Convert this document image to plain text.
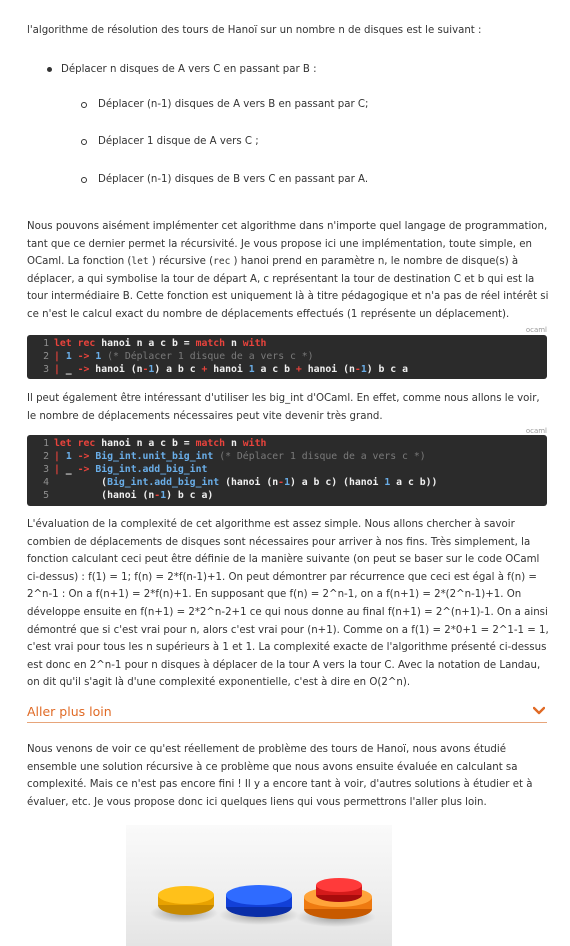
l'algorithme de résolution des tours de Hanoï sur un nombre n de disques est le suivant :

Déplacer n disques de A vers C en passant par B :
Déplacer (n-1) disques de A vers B en passant par C;
Déplacer 1 disque de A vers C ;
Déplacer (n-1) disques de B vers C en passant par A.

Nous pouvons aisément implémenter cet algorithme dans n'importe quel langage de programmation, tant que ce dernier permet la récursivité. Je vous propose ici une implémentation, toute simple, en OCaml. La fonction (let ) récursive (rec ) hanoi prend en paramètre n, le nombre de disque(s) à déplacer, a qui symbolise la tour de départ A, c représentant la tour de destination C et b qui est la tour intermédiaire B. Cette fonction est uniquement là à titre pédagogique et n'a pas de réel intérêt si ce n'est le calcul exact du nombre de déplacements effectués (1 représente un déplacement).

ocaml
1 let rec hanoi n a c b = match n with
2 | 1 -> 1 (* Déplacer 1 disque de a vers c *)
3 | _ -> hanoi (n-1) a b c + hanoi 1 a c b + hanoi (n-1) b c a

Il peut également être intéressant d'utiliser les big_int d'OCaml. En effet, comme nous allons le voir, le nombre de déplacements nécessaires peut vite devenir très grand.

ocaml
1 let rec hanoi n a c b = match n with
2 | 1 -> Big_int.unit_big_int (* Déplacer 1 disque de a vers c *)
3 | _ -> Big_int.add_big_int
4 (Big_int.add_big_int (hanoi (n-1) a b c) (hanoi 1 a c b))
5 (hanoi (n-1) b c a)

L'évaluation de la complexité de cet algorithme est assez simple. Nous allons chercher à savoir combien de déplacements de disques sont nécessaires pour arriver à nos fins. Très simplement, la fonction calculant ceci peut être définie de la manière suivante (on peut se baser sur le code OCaml ci-dessus) : f(1) = 1; f(n) = 2*f(n-1)+1. On peut démontrer par récurrence que ceci est égal à f(n) = 2^n-1 : On a f(n+1) = 2*f(n)+1. En supposant que f(n) = 2^n-1, on a f(n+1) = 2*(2^n-1)+1. On développe ensuite en f(n+1) = 2*2^n-2+1 ce qui nous donne au final f(n+1) = 2^(n+1)-1. On a ainsi démontré que si c'est vrai pour n, alors c'est vrai pour (n+1). Comme on a f(1) = 2*0+1 = 2^1-1 = 1, c'est vrai pour tous les n supérieurs à 1 et 1. La complexité exacte de l'algorithme présenté ci-dessus est donc en 2^n-1 pour n disques à déplacer de la tour A vers la tour C. Avec la notation de Landau, on dit qu'il s'agit là d'une complexité exponentielle, c'est à dire en O(2^n).

Aller plus loin

Nous venons de voir ce qu'est réellement de problème des tours de Hanoï, nous avons étudié ensemble une solution récursive à ce problème que nous avons ensuite évaluée en calculant sa complexité. Mais ce n'est pas encore fini ! Il y a encore tant à voir, d'autres solutions à étudier et à évaluer, etc. Je vous propose donc ici quelques liens qui vous permettrons l'aller plus loin.
